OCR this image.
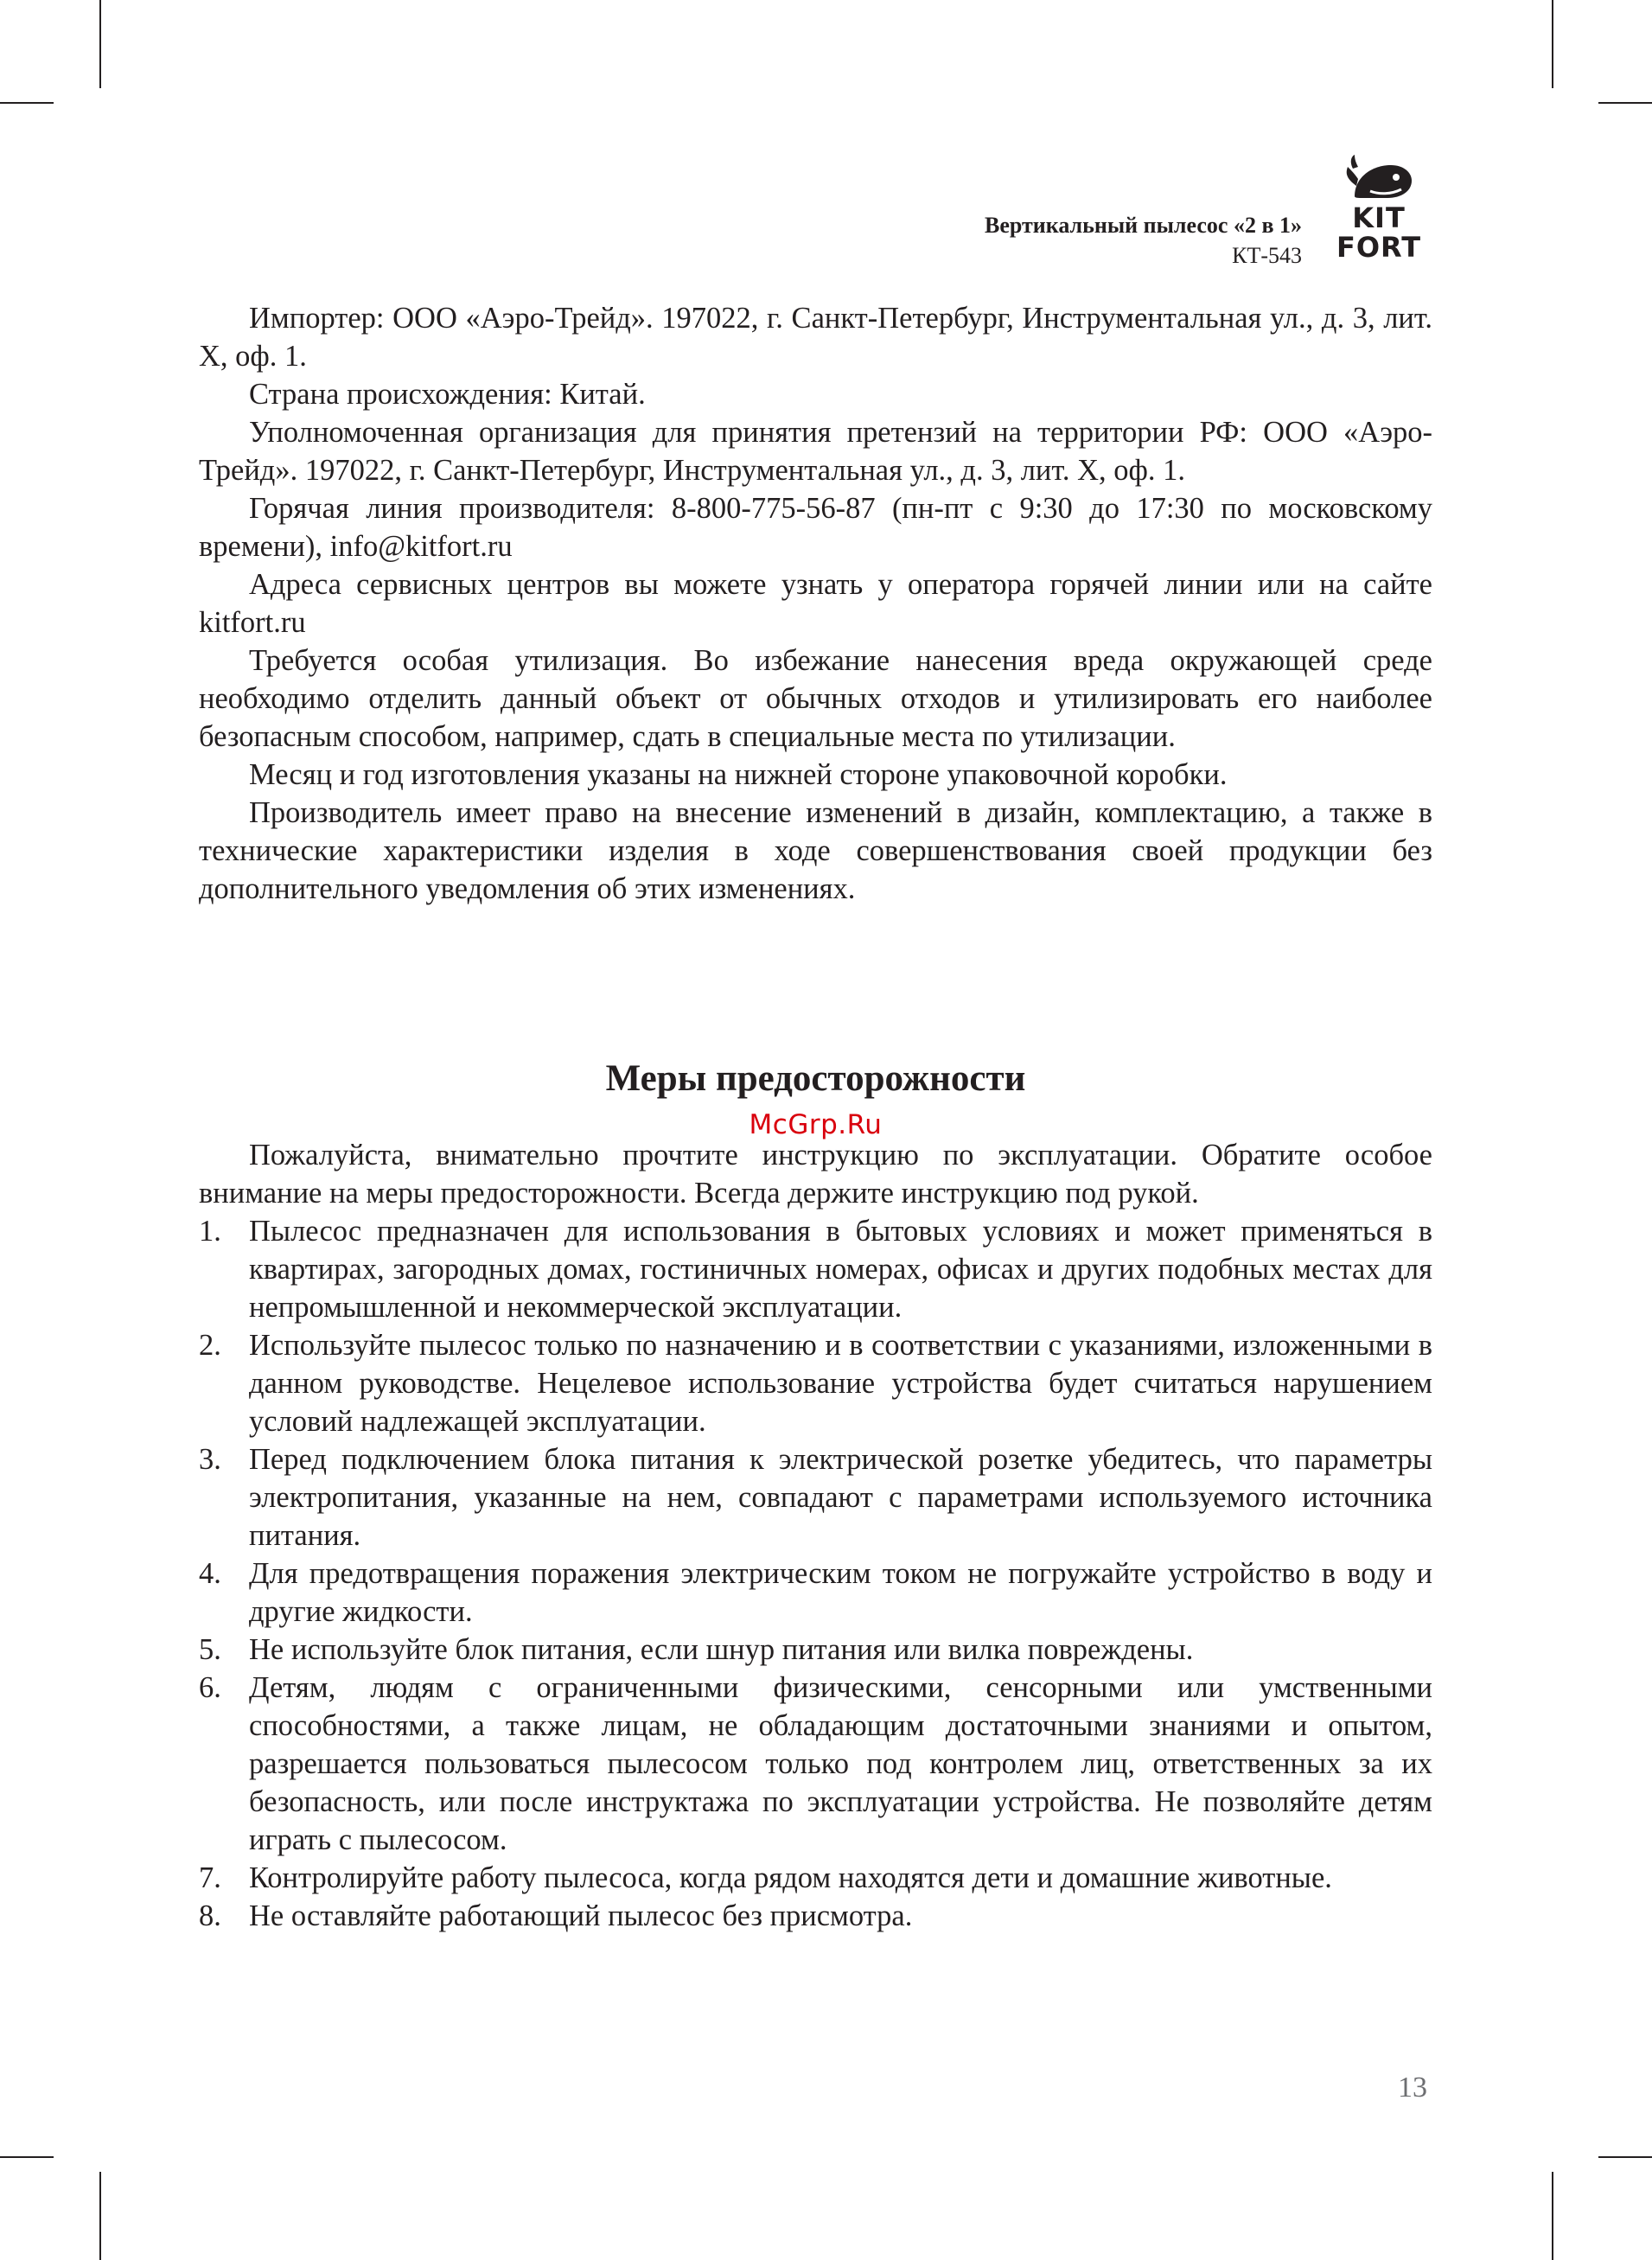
Вертикальный пылесос «2 в 1»
КТ-543
KIT FORT

Импортер: ООО «Аэро-Трейд». 197022, г. Санкт-Петербург, Инструментальная ул., д. 3, лит. Х, оф. 1.

Страна происхождения: Китай.

Уполномоченная организация для принятия претензий на территории РФ: ООО «Аэро-Трейд». 197022, г. Санкт-Петербург, Инструментальная ул., д. 3, лит. Х, оф. 1.

Горячая линия производителя: 8-800-775-56-87 (пн-пт с 9:30 до 17:30 по московскому времени), info@kitfort.ru

Адреса сервисных центров вы можете узнать у оператора горячей линии или на сайте kitfort.ru

Требуется особая утилизация. Во избежание нанесения вреда окружающей среде необходимо отделить данный объект от обычных отходов и утилизировать его наиболее безопасным способом, например, сдать в специальные места по утилизации.

Месяц и год изготовления указаны на нижней стороне упаковочной коробки.

Производитель имеет право на внесение изменений в дизайн, комплектацию, а также в технические характеристики изделия в ходе совершенствования своей продукции без дополнительного уведомления об этих изменениях.

Меры предосторожности
McGrp.Ru

Пожалуйста, внимательно прочтите инструкцию по эксплуатации. Обратите особое внимание на меры предосторожности. Всегда держите инструкцию под рукой.

1. Пылесос предназначен для использования в бытовых условиях и может применяться в квартирах, загородных домах, гостиничных номерах, офисах и других подобных местах для непромышленной и некоммерческой эксплуатации.
2. Используйте пылесос только по назначению и в соответствии с указаниями, изложенными в данном руководстве. Нецелевое использование устройства будет считаться нарушением условий надлежащей эксплуатации.
3. Перед подключением блока питания к электрической розетке убедитесь, что параметры электропитания, указанные на нем, совпадают с параметрами используемого источника питания.
4. Для предотвращения поражения электрическим током не погружайте устройство в воду и другие жидкости.
5. Не используйте блок питания, если шнур питания или вилка повреждены.
6. Детям, людям с ограниченными физическими, сенсорными или умственными способностями, а также лицам, не обладающим достаточными знаниями и опытом, разрешается пользоваться пылесосом только под контролем лиц, ответственных за их безопасность, или после инструктажа по эксплуатации устройства. Не позволяйте детям играть с пылесосом.
7. Контролируйте работу пылесоса, когда рядом находятся дети и домашние животные.
8. Не оставляйте работающий пылесос без присмотра.
13
